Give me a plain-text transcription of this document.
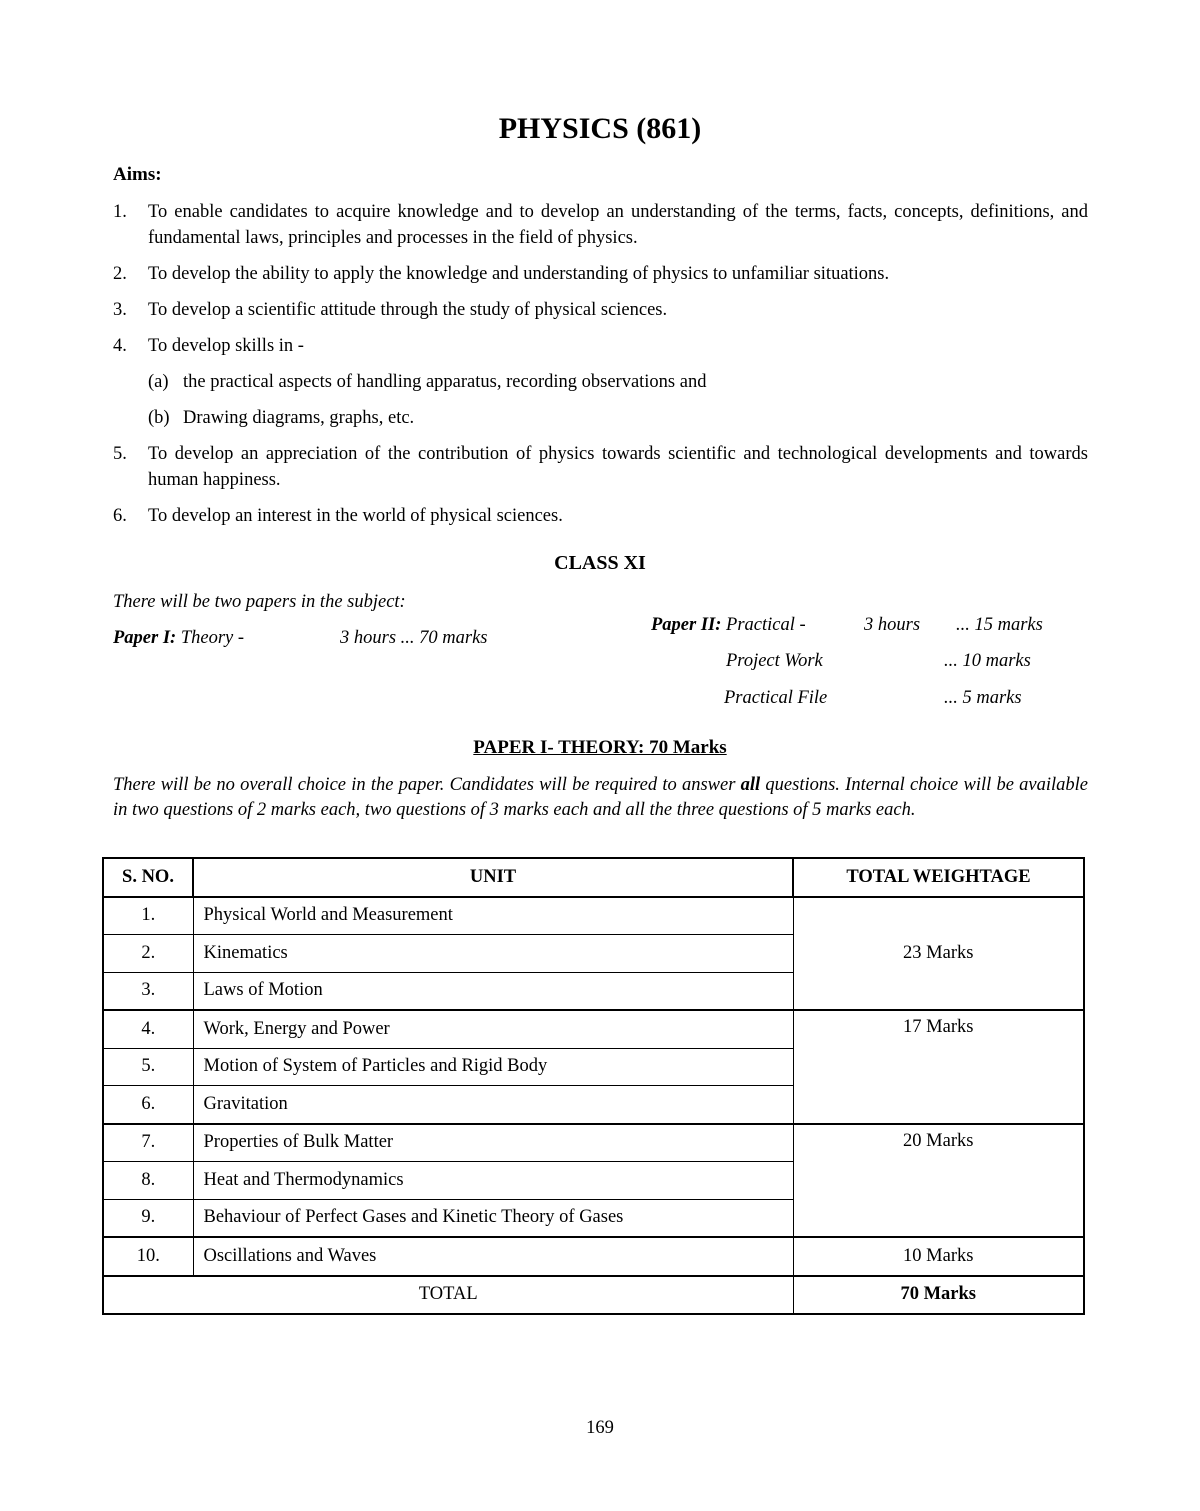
PHYSICS (861)
Aims:
1. To enable candidates to acquire knowledge and to develop an understanding of the terms, facts, concepts, definitions, and fundamental laws, principles and processes in the field of physics.
2. To develop the ability to apply the knowledge and understanding of physics to unfamiliar situations.
3. To develop a scientific attitude through the study of physical sciences.
4. To develop skills in -
(a) the practical aspects of handling apparatus, recording observations and
(b) Drawing diagrams, graphs, etc.
5. To develop an appreciation of the contribution of physics towards scientific and technological developments and towards human happiness.
6. To develop an interest in the world of physical sciences.
CLASS XI
There will be two papers in the subject:
Paper I: Theory -	3 hours ... 70 marks
Paper II: Practical -	3 hours ... 15 marks
Project Work	... 10 marks
Practical File	... 5 marks
PAPER I- THEORY: 70 Marks
There will be no overall choice in the paper. Candidates will be required to answer all questions. Internal choice will be available in two questions of 2 marks each, two questions of 3 marks each and all the three questions of 5 marks each.
S. NO.	UNIT	TOTAL WEIGHTAGE
1.	Physical World and Measurement	23 Marks
2.	Kinematics	
3.	Laws of Motion	
4.	Work, Energy and Power	17 Marks
5.	Motion of System of Particles and Rigid Body	
6.	Gravitation	
7.	Properties of Bulk Matter	20 Marks
8.	Heat and Thermodynamics	
9.	Behaviour of Perfect Gases and Kinetic Theory of Gases	
10.	Oscillations and Waves	10 Marks
TOTAL		70 Marks
169
